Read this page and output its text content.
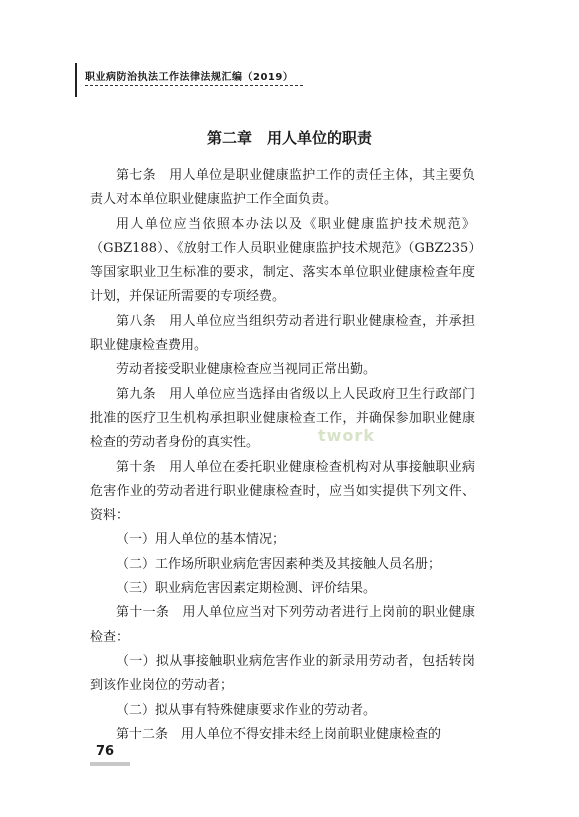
职业病防治执法工作法律法规汇编（2019）
第二章　用人单位的职责

第七条　用人单位是职业健康监护工作的责任主体，其主要负责人对本单位职业健康监护工作全面负责。

用人单位应当依照本办法以及《职业健康监护技术规范》（GBZ188）、《放射工作人员职业健康监护技术规范》（GBZ235）等国家职业卫生标准的要求，制定、落实本单位职业健康检查年度计划，并保证所需要的专项经费。

第八条　用人单位应当组织劳动者进行职业健康检查，并承担职业健康检查费用。

劳动者接受职业健康检查应当视同正常出勤。

第九条　用人单位应当选择由省级以上人民政府卫生行政部门批准的医疗卫生机构承担职业健康检查工作，并确保参加职业健康检查的劳动者身份的真实性。

第十条　用人单位在委托职业健康检查机构对从事接触职业病危害作业的劳动者进行职业健康检查时，应当如实提供下列文件、资料：

（一）用人单位的基本情况；

（二）工作场所职业病危害因素种类及其接触人员名册；

（三）职业病危害因素定期检测、评价结果。

第十一条　用人单位应当对下列劳动者进行上岗前的职业健康检查：

（一）拟从事接触职业病危害作业的新录用劳动者，包括转岗到该作业岗位的劳动者；

（二）拟从事有特殊健康要求作业的劳动者。

第十二条　用人单位不得安排未经上岗前职业健康检查的

twork
76
